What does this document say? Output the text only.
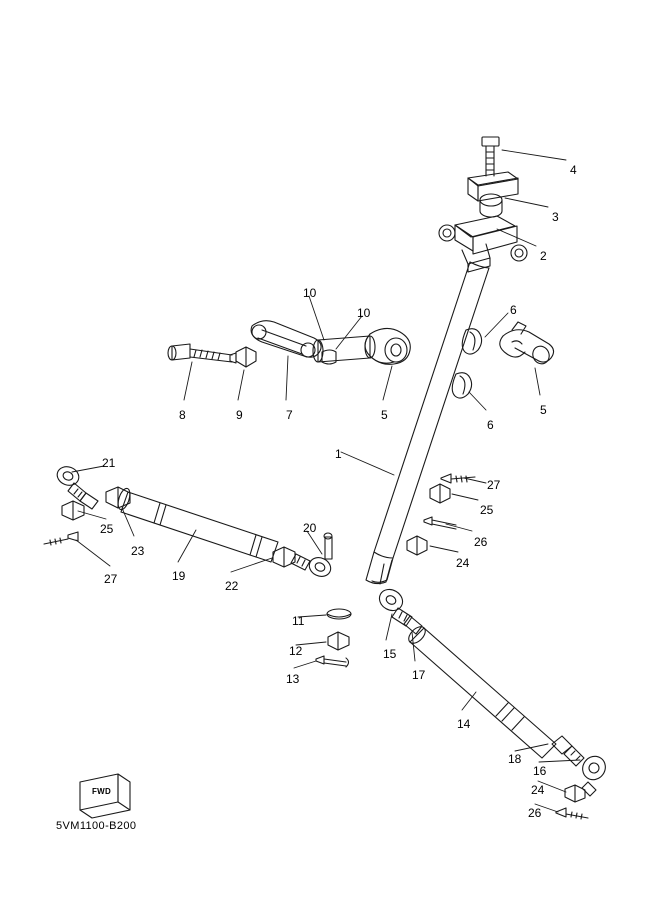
4
3
2
10
10	6
8	9	7	5
6
5
1
21
27
25
25
23
26
20
24
27	19
22
11
12	15
17
13
14
18
16
24
26
FWD
5VM1100-B200
